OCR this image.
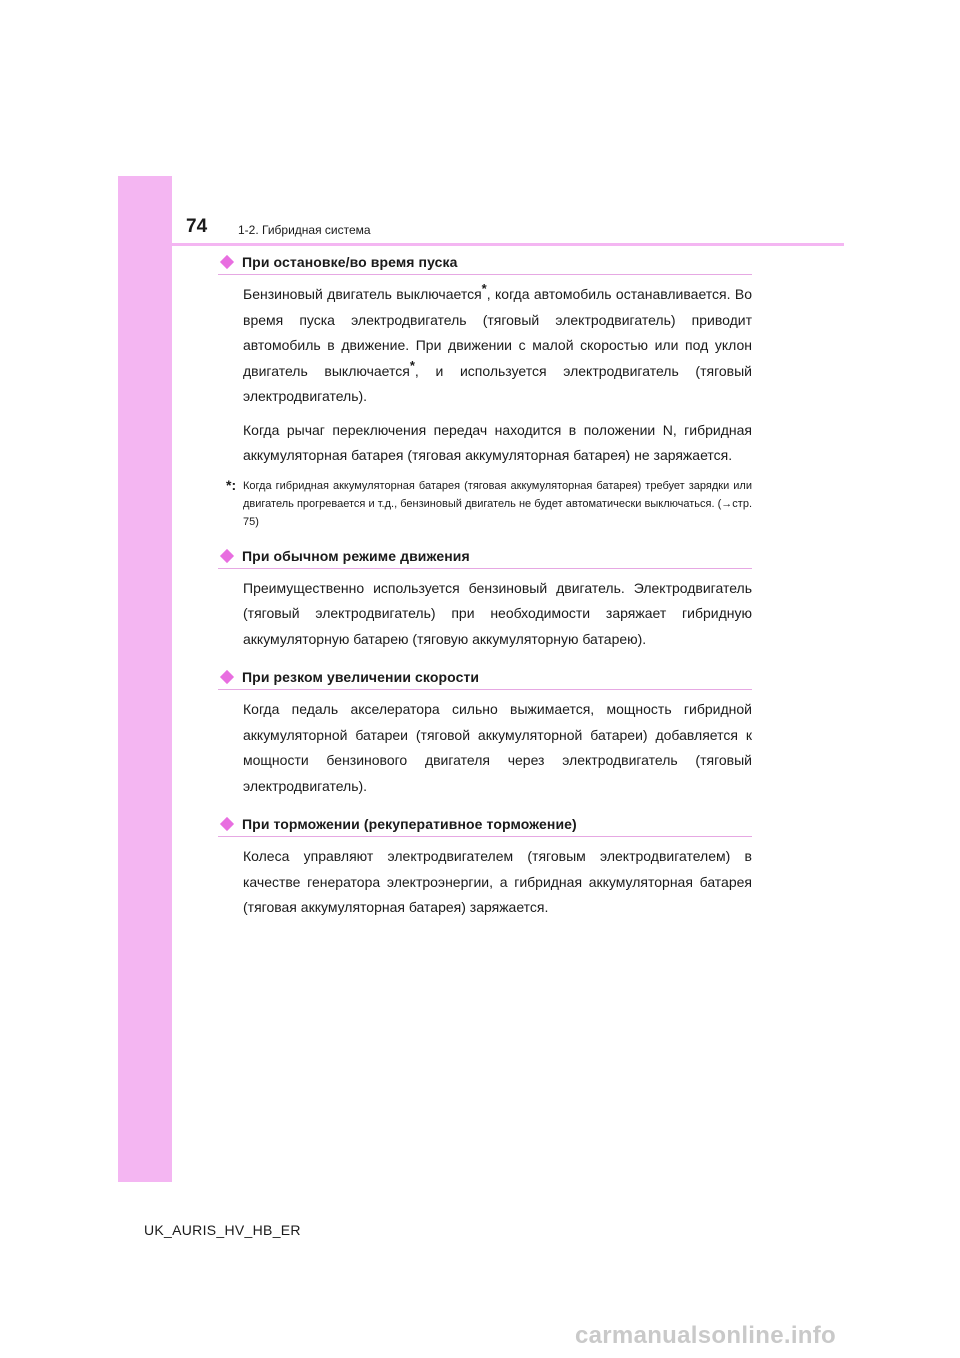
74	1-2. Гибридная система
При остановке/во время пуска

Бензиновый двигатель выключается*, когда автомобиль останавливается. Во время пуска электродвигатель (тяговый электродвигатель) приводит автомобиль в движение. При движении с малой скоростью или под уклон двигатель выключается*, и используется электродвигатель (тяговый электродвигатель).

Когда рычаг переключения передач находится в положении N, гибридная аккумуляторная батарея (тяговая аккумуляторная батарея) не заряжается.

*: Когда гибридная аккумуляторная батарея (тяговая аккумуляторная батарея) требует зарядки или двигатель прогревается и т.д., бензиновый двигатель не будет автоматически выключаться. (→стр. 75)
При обычном режиме движения

Преимущественно используется бензиновый двигатель. Электродвигатель (тяговый электродвигатель) при необходимости заряжает гибридную аккумуляторную батарею (тяговую аккумуляторную батарею).

При резком увеличении скорости

Когда педаль акселератора сильно выжимается, мощность гибридной аккумуляторной батареи (тяговой аккумуляторной батареи) добавляется к мощности бензинового двигателя через электродвигатель (тяговый электродвигатель).

При торможении (рекуперативное торможение)

Колеса управляют электродвигателем (тяговым электродвигателем) в качестве генератора электроэнергии, а гибридная аккумуляторная батарея (тяговая аккумуляторная батарея) заряжается.

UK_AURIS_HV_HB_ER
carmanualsonline.info
